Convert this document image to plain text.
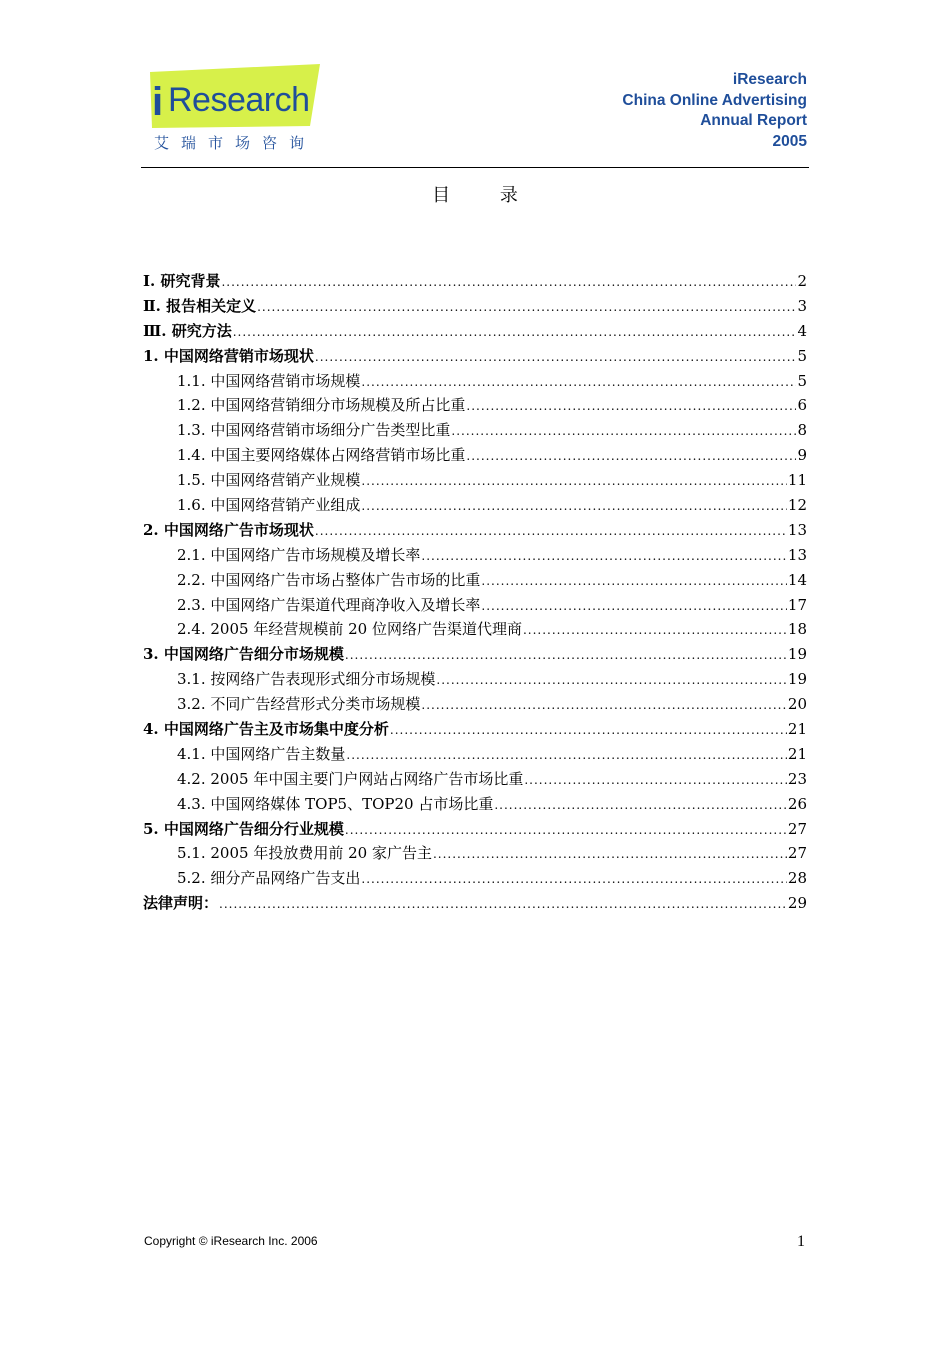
i Research
艾瑞市场咨询
iResearch
China Online Advertising
Annual Report
2005
目 录
Ⅰ. 研究背景 .....	2
Ⅱ. 报告相关定义 .....	3
Ⅲ. 研究方法 .....	4
1. 中国网络营销市场现状 .....	5
1.1. 中国网络营销市场规模 .....	5
1.2. 中国网络营销细分市场规模及所占比重 .....	6
1.3. 中国网络营销市场细分广告类型比重 .....	8
1.4. 中国主要网络媒体占网络营销市场比重 .....	9
1.5. 中国网络营销产业规模 .....	11
1.6. 中国网络营销产业组成 .....	12
2. 中国网络广告市场现状 .....	13
2.1. 中国网络广告市场规模及增长率 .....	13
2.2. 中国网络广告市场占整体广告市场的比重 .....	14
2.3. 中国网络广告渠道代理商净收入及增长率 .....	17
2.4. 2005 年经营规模前 20 位网络广告渠道代理商 .....	18
3. 中国网络广告细分市场规模 .....	19
3.1. 按网络广告表现形式细分市场规模 .....	19
3.2. 不同广告经营形式分类市场规模 .....	20
4. 中国网络广告主及市场集中度分析 .....	21
4.1. 中国网络广告主数量 .....	21
4.2. 2005 年中国主要门户网站占网络广告市场比重 .....	23
4.3. 中国网络媒体 TOP5、TOP20 占市场比重 .....	26
5. 中国网络广告细分行业规模 .....	27
5.1. 2005 年投放费用前 20 家广告主 .....	27
5.2. 细分产品网络广告支出 .....	28
法律声明： .....	29
Copyright © iResearch Inc. 2006	1
